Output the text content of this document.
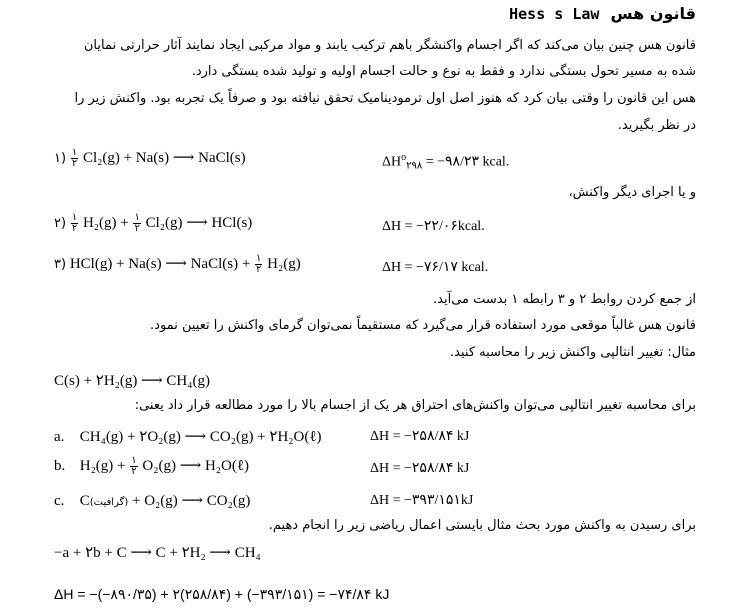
Hess s Law قانون هس
قانون هس چنین بیان می‌کند که اگر اجسام واکنشگر باهم ترکیب یابند و مواد مرکبی ایجاد نمایند آثار حرارتی نمایان
شده به مسیر تحول بستگی ندارد و فقط به نوع و حالت اجسام اولیه و تولید شده بستگی دارد.
هس این قانون را وقتی بیان کرد که هنوز اصل اول ترمودینامیک تحقق نیافته بود و صرفاً یک تجربه بود. واکنش زیر را
در نظر بگیرید.
۱) $\frac{۱}{۲} Cl_2(g) + Na(s)$ ⟶ NaCl(s)	$\Delta H^o_{۲۹۸}$ = −۹۸/۲۳ kcal.
و یا اجرای دیگر واکنش،
۲) $\frac{۱}{۲} H_2(g) + \frac{۱}{۲} Cl_2(g)$ ⟶ HCl(s)	ΔH = −۲۲/۰۶kcal.
۳) HCl(g) + Na(s) ⟶ NaCl(s) + $\frac{۱}{۲} H_2(g)$	ΔH = −۷۶/۱۷ kcal.
از جمع کردن روابط ۲ و ۳ رابطه ۱ بدست می‌آید.
قانون هس غالباً موقعی مورد استفاده قرار می‌گیرد که مستقیماً نمی‌توان گرمای واکنش را تعیین نمود.
مثال: تغییر انتالپی واکنش زیر را محاسبه کنید.
C(s) + ۲H₂(g) ⟶ CH₄(g)
برای محاسبه تغییر انتالپی می‌توان واکنش‌های احتراق هر یک از اجسام بالا را مورد مطالعه قرار داد یعنی:
a. CH₄(g) + ۲O₂(g) ⟶ CO₂(g) + ۲H₂O(ℓ)	ΔH = −۲۵۸/۸۴ kJ
b. $H_2(g) + \frac{۱}{۲} O_2(g)$ ⟶ H₂O(ℓ)	ΔH = −۲۵۸/۸۴ kJ
c. C(گرافیت) + O₂(g) ⟶ CO₂(g)	ΔH = −۳۹۳/۱۵۱kJ
برای رسیدن به واکنش مورد بحث مثال بایستی اعمال ریاضی زیر را انجام دهیم.
−a + ۲b + C ⟶ C + ۲H₂ ⟶ CH₄
ΔH = −(−۸۹۰/۳۵) + ۲(۲۵۸/۸۴) + (−۳۹۳/۱۵۱) = −۷۴/۸۴ kJ
